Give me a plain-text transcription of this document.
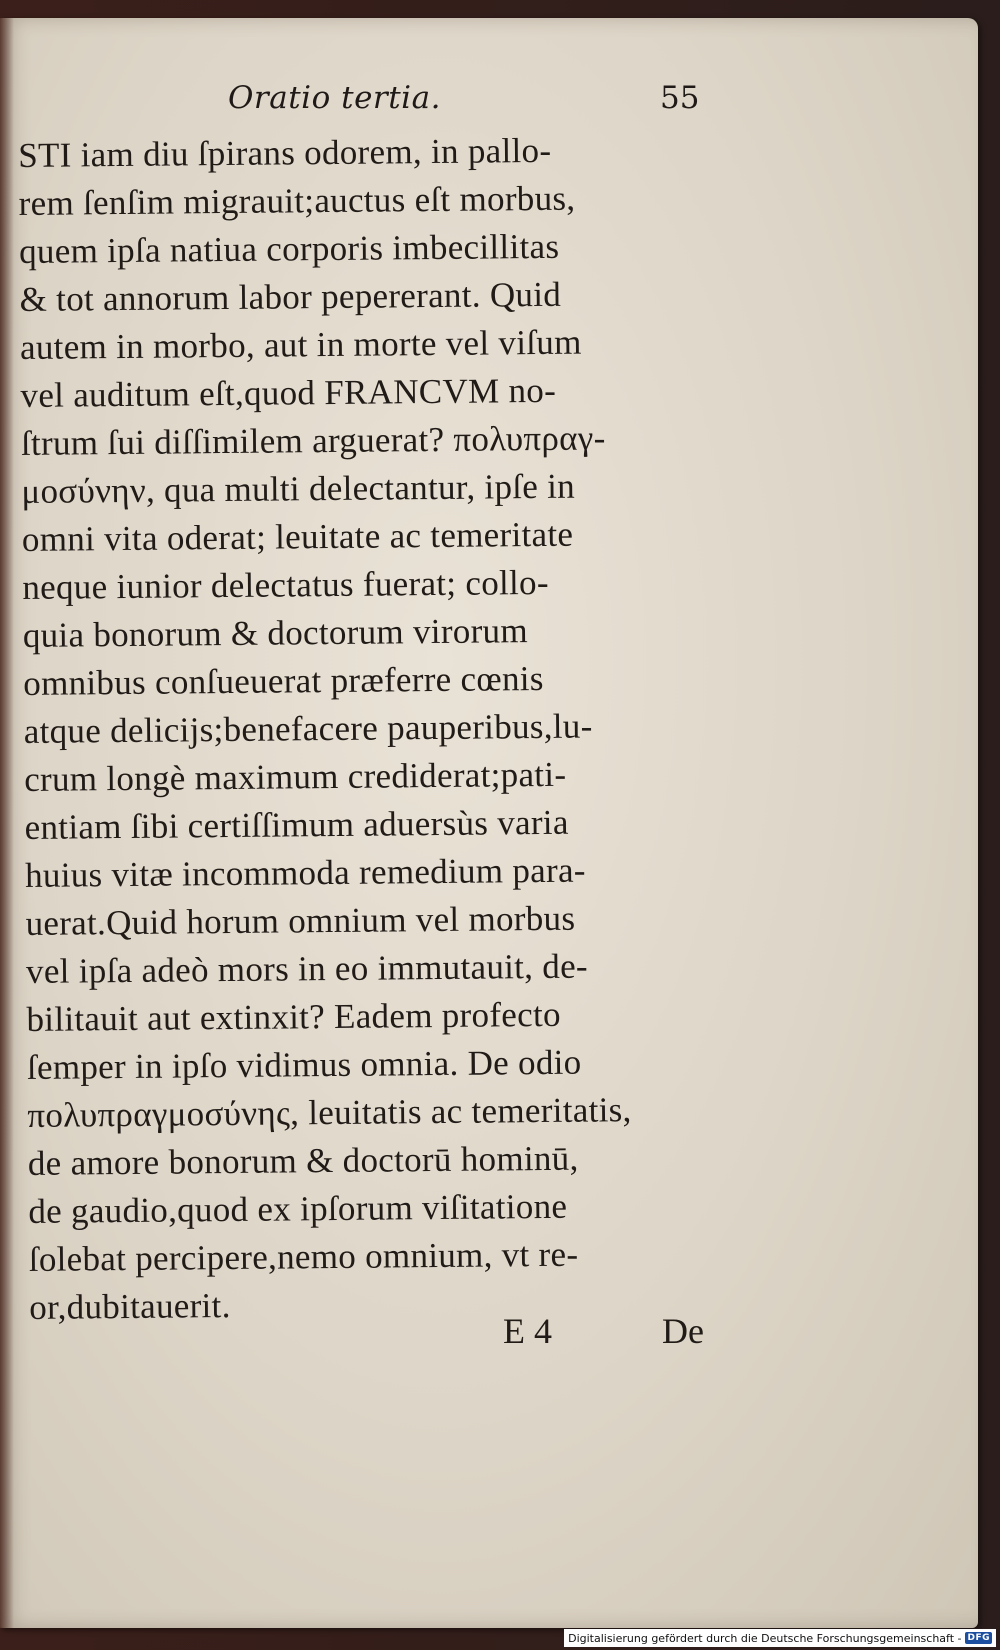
Oratio tertia.	55
STI iam diu ſpirans odorem, in pallo-
rem ſenſim migrauit;auctus eſt morbus,
quem ipſa natiua corporis imbecillitas
& tot annorum labor pepererant. Quid
autem in morbo, aut in morte vel viſum
vel auditum eſt,quod FRANCVM no-
ſtrum ſui diſſimilem arguerat? πολυπραγ-
μοσύνην, qua multi delectantur, ipſe in
omni vita oderat; leuitate ac temeritate
neque iunior delectatus fuerat; collo-
quia bonorum & doctorum virorum
omnibus conſueuerat præferre cœnis
atque delicijs;benefacere pauperibus,lu-
crum longè maximum crediderat;pati-
entiam ſibi certiſſimum aduersùs varia
huius vitæ incommoda remedium para-
uerat.Quid horum omnium vel morbus
vel ipſa adeò mors in eo immutauit, de-
bilitauit aut extinxit? Eadem profecto
ſemper in ipſo vidimus omnia. De odio
πολυπραγμοσύνης, leuitatis ac temeritatis,
de amore bonorum & doctorū hominū,
de gaudio,quod ex ipſorum viſitatione
ſolebat percipere,nemo omnium, vt re-
or,dubitauerit.
E 4	De
Digitalisierung gefördert durch die Deutsche Forschungsgemeinschaft - DFG
